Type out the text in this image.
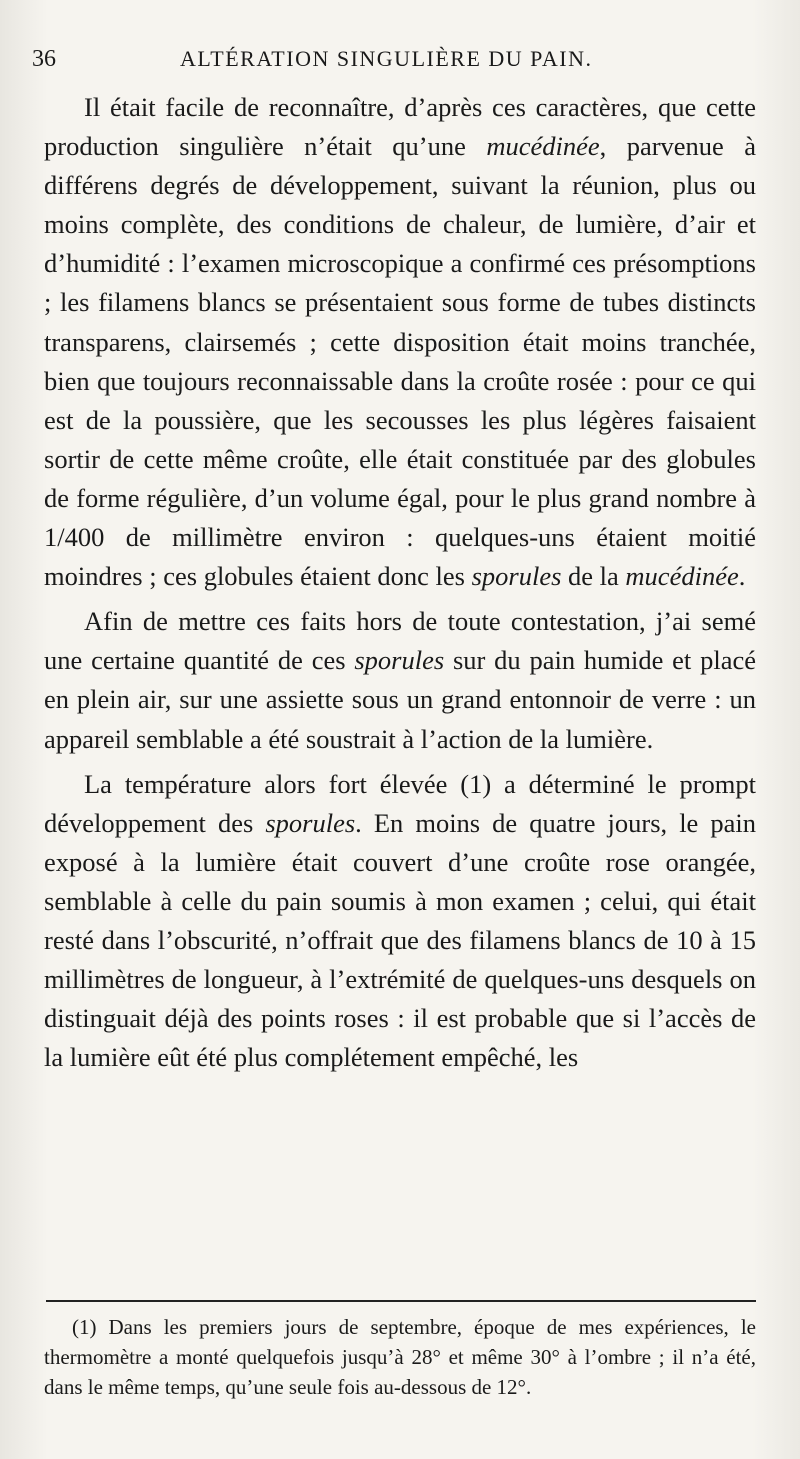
36	ALTÉRATION SINGULIÈRE DU PAIN.

Il était facile de reconnaître, d’après ces caractères, que cette production singulière n’était qu’une mucédinée, parvenue à différens degrés de développement, suivant la réunion, plus ou moins complète, des conditions de chaleur, de lumière, d’air et d’humidité : l’examen microscopique a confirmé ces présomptions ; les filamens blancs se présentaient sous forme de tubes distincts transparens, clairsemés ; cette disposition était moins tranchée, bien que toujours reconnaissable dans la croûte rosée : pour ce qui est de la poussière, que les secousses les plus légères faisaient sortir de cette même croûte, elle était constituée par des globules de forme régulière, d’un volume égal, pour le plus grand nombre à 1/400 de millimètre environ : quelques-uns étaient moitié moindres ; ces globules étaient donc les sporules de la mucédinée.

Afin de mettre ces faits hors de toute contestation, j’ai semé une certaine quantité de ces sporules sur du pain humide et placé en plein air, sur une assiette sous un grand entonnoir de verre : un appareil semblable a été soustrait à l’action de la lumière.

La température alors fort élevée (1) a déterminé le prompt développement des sporules. En moins de quatre jours, le pain exposé à la lumière était couvert d’une croûte rose orangée, semblable à celle du pain soumis à mon examen ; celui, qui était resté dans l’obscurité, n’offrait que des filamens blancs de 10 à 15 millimètres de longueur, à l’extrémité de quelques-uns desquels on distinguait déjà des points roses : il est probable que si l’accès de la lumière eût été plus complétement empêché, les

(1) Dans les premiers jours de septembre, époque de mes expériences, le thermomètre a monté quelquefois jusqu’à 28° et même 30° à l’ombre ; il n’a été, dans le même temps, qu’une seule fois au-dessous de 12°.
